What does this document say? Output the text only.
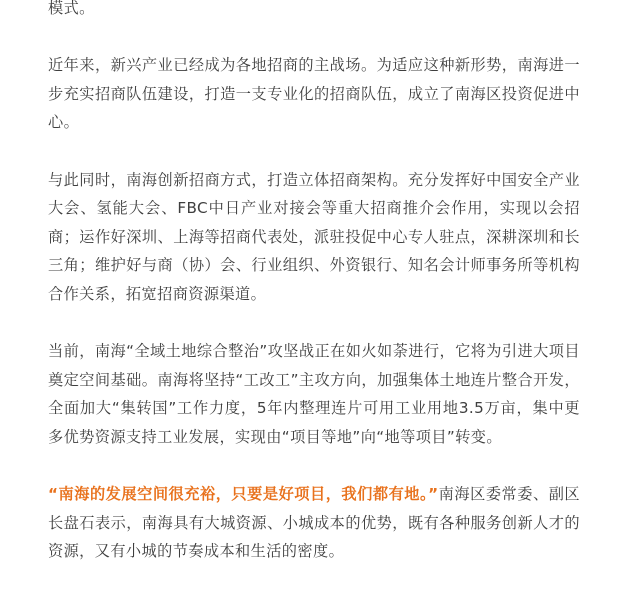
模式。

近年来，新兴产业已经成为各地招商的主战场。为适应这种新形势，南海进一步充实招商队伍建设，打造一支专业化的招商队伍，成立了南海区投资促进中心。

与此同时，南海创新招商方式，打造立体招商架构。充分发挥好中国安全产业大会、氢能大会、FBC中日产业对接会等重大招商推介会作用，实现以会招商；运作好深圳、上海等招商代表处，派驻投促中心专人驻点，深耕深圳和长三角；维护好与商（协）会、行业组织、外资银行、知名会计师事务所等机构合作关系，拓宽招商资源渠道。

当前，南海“全域土地综合整治”攻坚战正在如火如荼进行，它将为引进大项目奠定空间基础。南海将坚持“工改工”主攻方向，加强集体土地连片整合开发，全面加大“集转国”工作力度，5年内整理连片可用工业用地3.5万亩，集中更多优势资源支持工业发展，实现由“项目等地”向“地等项目”转变。

“南海的发展空间很充裕，只要是好项目，我们都有地。”南海区委常委、副区长盘石表示，南海具有大城资源、小城成本的优势，既有各种服务创新人才的资源，又有小城的节奏成本和生活的密度。
